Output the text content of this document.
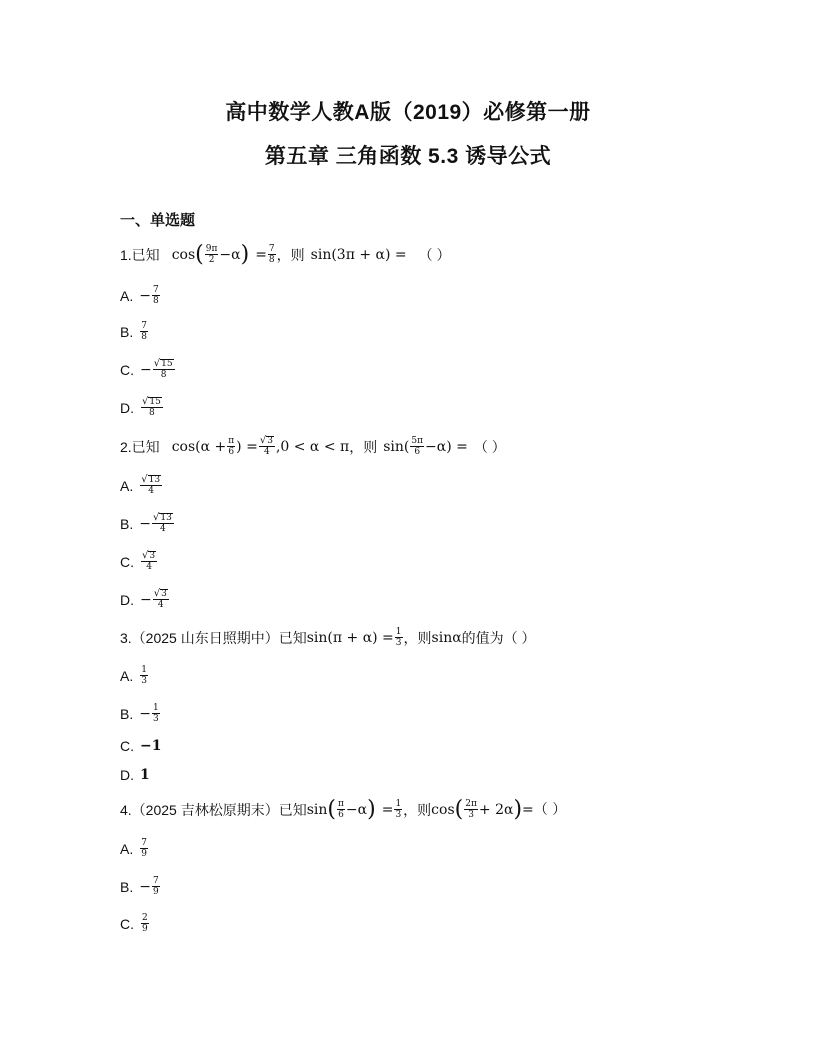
高中数学人教A版（2019）必修第一册
第五章 三角函数 5.3 诱导公式
一、单选题
1.已知 cos ( $\frac{9\pi}{2} -\alpha$ ) = $\frac{7}{8}$ ，则 sin(3π + α) = （ ）
A. − $\frac{7}{8}$
B. $\frac{7}{8}$
C. − $\frac{√ 15}{8}$
D. $\frac{√ 15}{8}$
2.已知 $\cos(\alpha + \frac{\pi}{6}$ ) = $\frac{√ 3}{4} ,0 < \alpha < \pi$ ，则 $\sin( \frac{5\pi}{6} -\alpha)$ = （ ）
A. $\frac{√ 13}{4}$
B. − $\frac{√ 13}{4}$
C. $\frac{√ 3}{4}$
D. − $\frac{√ 3}{4}$
3.（2025 山东日照期中）已知 $\sin(\pi + \alpha) = \frac{1}{3}$ ，则 sinα 的值为（ ）
A. $\frac{1}{3}$
B. − $\frac{1}{3}$
C. −1
D. 1
4.（2025 吉林松原期末）已知 sin ( $\frac{\pi}{6} -\alpha$ ) = $\frac{1}{3}$ ，则 cos ( $\frac{2\pi}{3} + 2\alpha$ ) =（ ）
A. $\frac{7}{9}$
B. − $\frac{7}{9}$
C. $\frac{2}{9}$
